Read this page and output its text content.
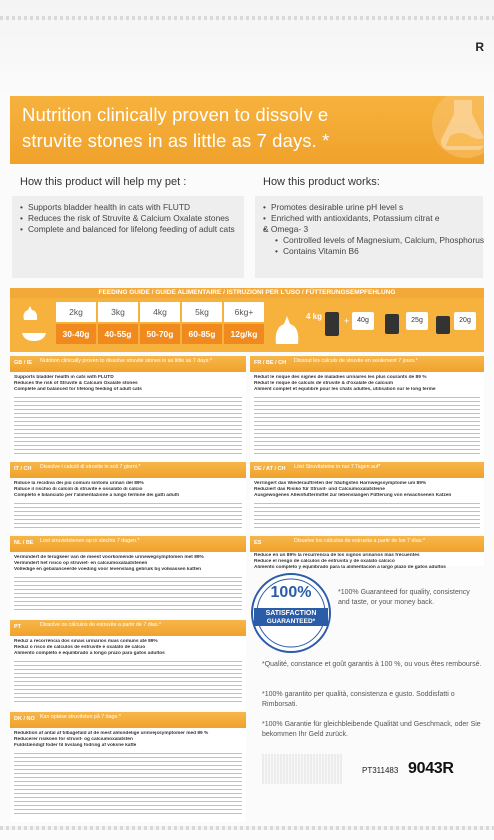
R
Nutrition clinically proven to dissolv e
struvite stones in as little as 7 days. *
How this product will help my pet :
• Supports bladder health in cats with FLUTD
• Reduces the risk of Struvite & Calcium Oxalate stones
• Complete and balanced for lifelong feeding of adult cats
How this product works:
• Promotes desirable urine pH level s
• Enriched with antioxidants, Potassium citrat e
• & Omega- 3
• Controlled levels of Magnesium, Calcium, Phosphorus
• Contains Vitamin B6
FEEDING GUIDE / GUIDE ALIMENTAIRE / ISTRUZIONI PER L'USO / FÜTTERUNGSEMPFEHLUNG
2kg	3kg	4kg	5kg	6kg+
30-40g	40-55g	50-70g	60-85g	12g/kg
4 kg +	40g	25g	20g
GB / IE Nutrition clinically proven to dissolve struvite stones in as little as 7 days.*
Supports bladder health in cats with FLUTD
Reduces the risk of Struvite & Calcium Oxalate stones
Complete and balanced for lifelong feeding of adult cats
IT / CH Dissolve i calcoli di struvite in soli 7 giorni.*
Riduce la recidiva dei più comuni sintomi urinari del 89%
Riduce il rischio di calcoli di struvite e ossalato di calcio
Completo e bilanciato per l'alimentazione a lungo termine dei gatti adulti
NL / BE Lost struvietstenen op in slechts 7 dagen.*
Vermindert de terugkeer van de meest voorkomende urinewegsymptomen met 89%
Vermindert het risico op struviet- en calciumoxalaatstenen
Volledige en gebalanceerde voeding voor levenslang gebruik bij volwassen katten
PT	Dissolve os cálculos de estruvite a partir de 7 dias.*
Reduz a recorrência dos sinais urinários mais comuns até 89%
Reduz o risco de cálculos de estruvite e oxalato de cálcio
Alimento completo e equilibrado a longo prazo para gatos adultos
DK / NO Kan opløse struvitsten på 7 dage.*
Reduktion af antal af tilbagefald af de mest almindelige urinvejssymptomer med 89 %
Reducerer risikoen for struvit- og calciumoxalatsten
Fuldstændigt foder til livslang fodring af voksne katte
FR / BE / CH Dissout les calculs de struvite en seulement 7 jours.*
Réduit le risque des signes de maladies urinaires les plus courants de 89 %
Réduit le risque de calculs de struvite & d'oxalate de calcium
Aliment complet et équilibré pour les chats adultes, utilisation sur le long terme
DE / AT / CH Löst Struvitsteine in nur 7 Tagen auf*
Verringert das Wiederauftreten der häufigsten Harnwegssymptome um 89%
Reduziert das Risiko für Struvit- und Calciumoxalatsteine
Ausgewogenes Alleinfuttermittel zur lebenslangen Fütterung von erwachsenen Katzen
ES	Disuelve los cálculos de estruvita a partir de los 7 días.*
Reduce en un 89% la recurrencia de los signos urinarios más frecuentes
Reduce el riesgo de cálculos de estruvita y de oxalato cálcico
Alimento completo y equilibrado para la alimentación a largo plazo de gatos adultos
100%
SATISFACTION
GUARANTEED*
*100% Guaranteed for quality, consistency and taste, or your money back.
*Qualité, constance et goût garantis à 100 %, ou vous êtes remboursé.
*100% garantito per qualità, consistenza e gusto. Soddisfatti o Rimborsati.
*100% Garantie für gleichbleibende Qualität und Geschmack, oder Sie bekommen Ihr Geld zurück.
PT311483 9043R
